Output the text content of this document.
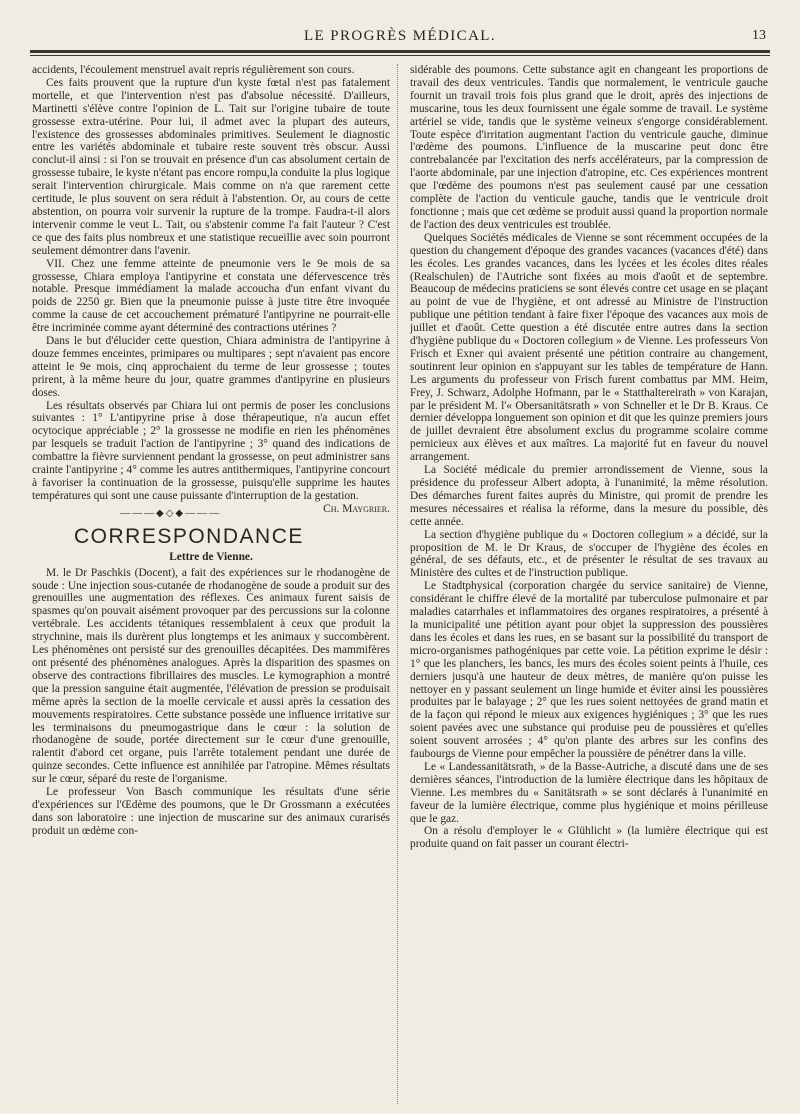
LE PROGRÈS MÉDICAL.	13

accidents, l'écoulement menstruel avait repris régulièrement son cours.

Ces faits prouvent que la rupture d'un kyste fœtal n'est pas fatalement mortelle, et que l'intervention n'est pas d'absolue nécessité. D'ailleurs, Martinetti s'élève contre l'opinion de L. Tait sur l'origine tubaire de toute grossesse extra-utérine. Pour lui, il admet avec la plupart des auteurs, l'existence des grossesses abdominales primitives. Seulement le diagnostic entre les variétés abdominale et tubaire reste souvent très obscur. Aussi conclut-il ainsi : si l'on se trouvait en présence d'un cas absolument certain de grossesse tubaire, le kyste n'étant pas encore rompu,la conduite la plus logique serait l'intervention chirurgicale. Mais comme on n'a que rarement cette certitude, le plus souvent on sera réduit à l'abstention. Or, au cours de cette abstention, on pourra voir survenir la rupture de la trompe. Faudra-t-il alors intervenir comme le veut L. Tait, ou s'abstenir comme l'a fait l'auteur ? C'est ce que des faits plus nombreux et une statistique recueillie avec soin pourront seulement démontrer dans l'avenir.

VII. Chez une femme atteinte de pneumonie vers le 9e mois de sa grossesse, Chiara employa l'antipyrine et constata une défervescence très notable. Presque immédiament la malade accoucha d'un enfant vivant du poids de 2250 gr. Bien que la pneumonie puisse à juste titre être invoquée comme la cause de cet accouchement prématuré l'antipyrine ne pourrait-elle être incriminée comme ayant déterminé des contractions utérines ?

Dans le but d'élucider cette question, Chiara administra de l'antipyrine à douze femmes enceintes, primipares ou multipares ; sept n'avaient pas encore atteint le 9e mois, cinq approchaient du terme de leur grossesse ; toutes prirent, à la même heure du jour, quatre grammes d'antipyrine en plusieurs doses.

Les résultats observés par Chiara lui ont permis de poser les conclusions suivantes : 1° L'antipyrine prise à dose thérapeutique, n'a aucun effet ocytocique appréciable ; 2° la grossesse ne modifie en rien les phénomènes par lesquels se traduit l'action de l'antipyrine ; 3° quand des indications de combattre la fièvre surviennent pendant la grossesse, on peut administrer sans crainte l'antipyrine ; 4° comme les autres antithermiques, l'antipyrine concourt à favoriser la continuation de la grossesse, puisqu'elle supprime les hautes températures qui sont une cause puissante d'interruption de la gestation.
Ch. Maygrier.

———◆◇◆———
CORRESPONDANCE
Lettre de Vienne.

M. le Dr Paschkis (Docent), a fait des expériences sur le rhodanogène de soude : Une injection sous-cutanée de rhodanogène de soude a produit sur des grenouilles une augmentation des réflexes. Ces animaux furent saisis de spasmes qu'on pouvait aisément provoquer par des percussions sur la colonne vertébrale. Les accidents tétaniques ressemblaient à ceux que produit la strychnine, mais ils durèrent plus longtemps et les animaux y succombèrent. Les phénomènes ont persisté sur des grenouilles décapitées. Des mammifères ont présenté des phénomènes analogues. Après la disparition des spasmes on observe des contractions fibrillaires des muscles. Le kymographion a montré que la pression sanguine était augmentée, l'élévation de pression se produisait même après la section de la moelle cervicale et aussi après la cessation des mouvements respiratoires. Cette substance possède une influence irritative sur les terminaisons du pneumogastrique dans le cœur : la solution de rhodanogène de soude, portée directement sur le cœur d'une grenouille, ralentit d'abord cet organe, puis l'arrête totalement pendant une durée de quinze secondes. Cette influence est annihilée par l'atropine. Mêmes résultats sur le cœur, séparé du reste de l'organisme.

Le professeur Von Basch communique les résultats d'une série d'expériences sur l'Œdème des poumons, que le Dr Grossmann a exécutées dans son laboratoire : une injection de muscarine sur des animaux curarisés produit un œdème con-

sidérable des poumons. Cette substance agit en changeant les proportions de travail des deux ventricules. Tandis que normalement, le ventricule gauche fournit un travail trois fois plus grand que le droit, après des injections de muscarine, tous les deux fournissent une égale somme de travail. Le système artériel se vide, tandis que le système veineux s'engorge considérablement. Toute espèce d'irritation augmentant l'action du ventricule gauche, diminue l'œdème des poumons. L'influence de la muscarine peut donc être contrebalancée par l'excitation des nerfs accélérateurs, par la compression de l'aorte abdominale, par une injection d'atropine, etc. Ces expériences montrent que l'œdème des poumons n'est pas seulement causé par une cessation complète de l'action du venticule gauche, tandis que le ventricule droit fonctionne ; mais que cet œdème se produit aussi quand la proportion normale de l'action des deux ventricules est troublée.

Quelques Sociétés médicales de Vienne se sont récemment occupées de la question du changement d'époque des grandes vacances (vacances d'été) dans les écoles. Les grandes vacances, dans les lycées et les écoles dites réales (Realschulen) de l'Autriche sont fixées au mois d'août et de septembre. Beaucoup de médecins praticiens se sont élevés contre cet usage en se plaçant au point de vue de l'hygiène, et ont adressé au Ministre de l'instruction publique une pétition tendant à faire fixer l'époque des vacances aux mois de juillet et d'août. Cette question a été discutée entre autres dans la section d'hygiène publique du « Doctoren collegium » de Vienne. Les professeurs Von Frisch et Exner qui avaient présenté une pétition contraire au changement, soutinrent leur opinion en s'appuyant sur les tables de température de Hann. Les arguments du professeur von Frisch furent combattus par MM. Heim, Frey, J. Schwarz, Adolphe Hofmann, par le « Statthaltereirath » von Karajan, par le président M. l'« Obersanitätsrath » von Schneller et le Dr B. Kraus. Ce dernier développa longuement son opinion et dit que les quinze premiers jours de juillet devraient être absolument exclus du programme scolaire comme pernicieux aux élèves et aux maîtres. La majorité fut en faveur du nouvel arrangement.

La Société médicale du premier arrondissement de Vienne, sous la présidence du professeur Albert adopta, à l'unanimité, la même résolution. Des démarches furent faites auprès du Ministre, qui promit de prendre les mesures nécessaires et réalisa la réforme, dans la mesure du possible, dès cette année.

La section d'hygiène publique du « Doctoren collegium » a décidé, sur la proposition de M. le Dr Kraus, de s'occuper de l'hygiène des écoles en général, de ses défauts, etc., et de présenter le résultat de ses travaux au Ministère des cultes et de l'instruction publique.

Le Stadtphysical (corporation chargée du service sanitaire) de Vienne, considérant le chiffre élevé de la mortalité par tuberculose pulmonaire et par maladies catarrhales et inflammatoires des organes respiratoires, a présenté à la municipalité une pétition ayant pour objet la suppression des poussières dans les écoles et dans les rues, en se basant sur la possibilité du transport de micro-organismes pathogéniques par cette voie. La pétition exprime le désir : 1° que les planchers, les bancs, les murs des écoles soient peints à l'huile, ces derniers jusqu'à une hauteur de deux mètres, de manière qu'on puisse les nettoyer en y passant seulement un linge humide et éviter ainsi les poussières produites par le balayage ; 2° que les rues soient nettoyées de grand matin et de la façon qui répond le mieux aux exigences hygiéniques ; 3° que les rues soient pavées avec une substance qui produise peu de poussières et qu'elles soient souvent arrosées ; 4° qu'on plante des arbres sur les confins des faubourgs de Vienne pour empêcher la poussière de pénétrer dans la ville.

Le « Landessanitätsrath, » de la Basse-Autriche, a discuté dans une de ses dernières séances, l'introduction de la lumière électrique dans les hôpitaux de Vienne. Les membres du « Sanitätsrath » se sont déclarés à l'unanimité en faveur de la lumière électrique, comme plus hygiénique et moins périlleuse que le gaz.

On a résolu d'employer le « Glühlicht » (la lumière électrique qui est produite quand on fait passer un courant électri-
